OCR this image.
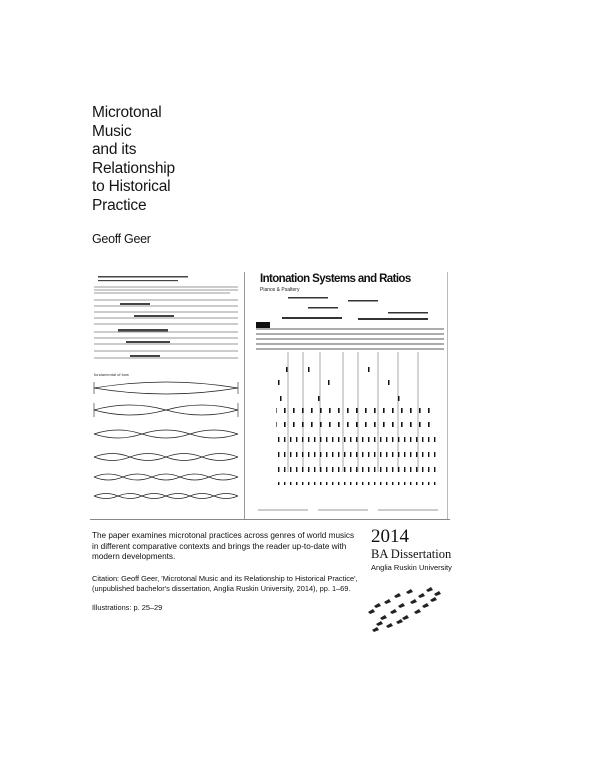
Microtonal
Music
and its
Relationship
to Historical
Practice
Geoff Geer
fundamental of bow
Intonation Systems and Ratios
Pianos & Psaltery
The paper examines microtonal practices across genres of world musics in different comparative contexts and brings the reader up-to-date with modern developments.
Citation: Geoff Geer, 'Microtonal Music and its Relationship to Historical Practice', (unpublished bachelor's dissertation, Anglia Ruskin University, 2014), pp. 1–69.
Illustrations: p. 25–29
2014
BA Dissertation
Anglia Ruskin University
